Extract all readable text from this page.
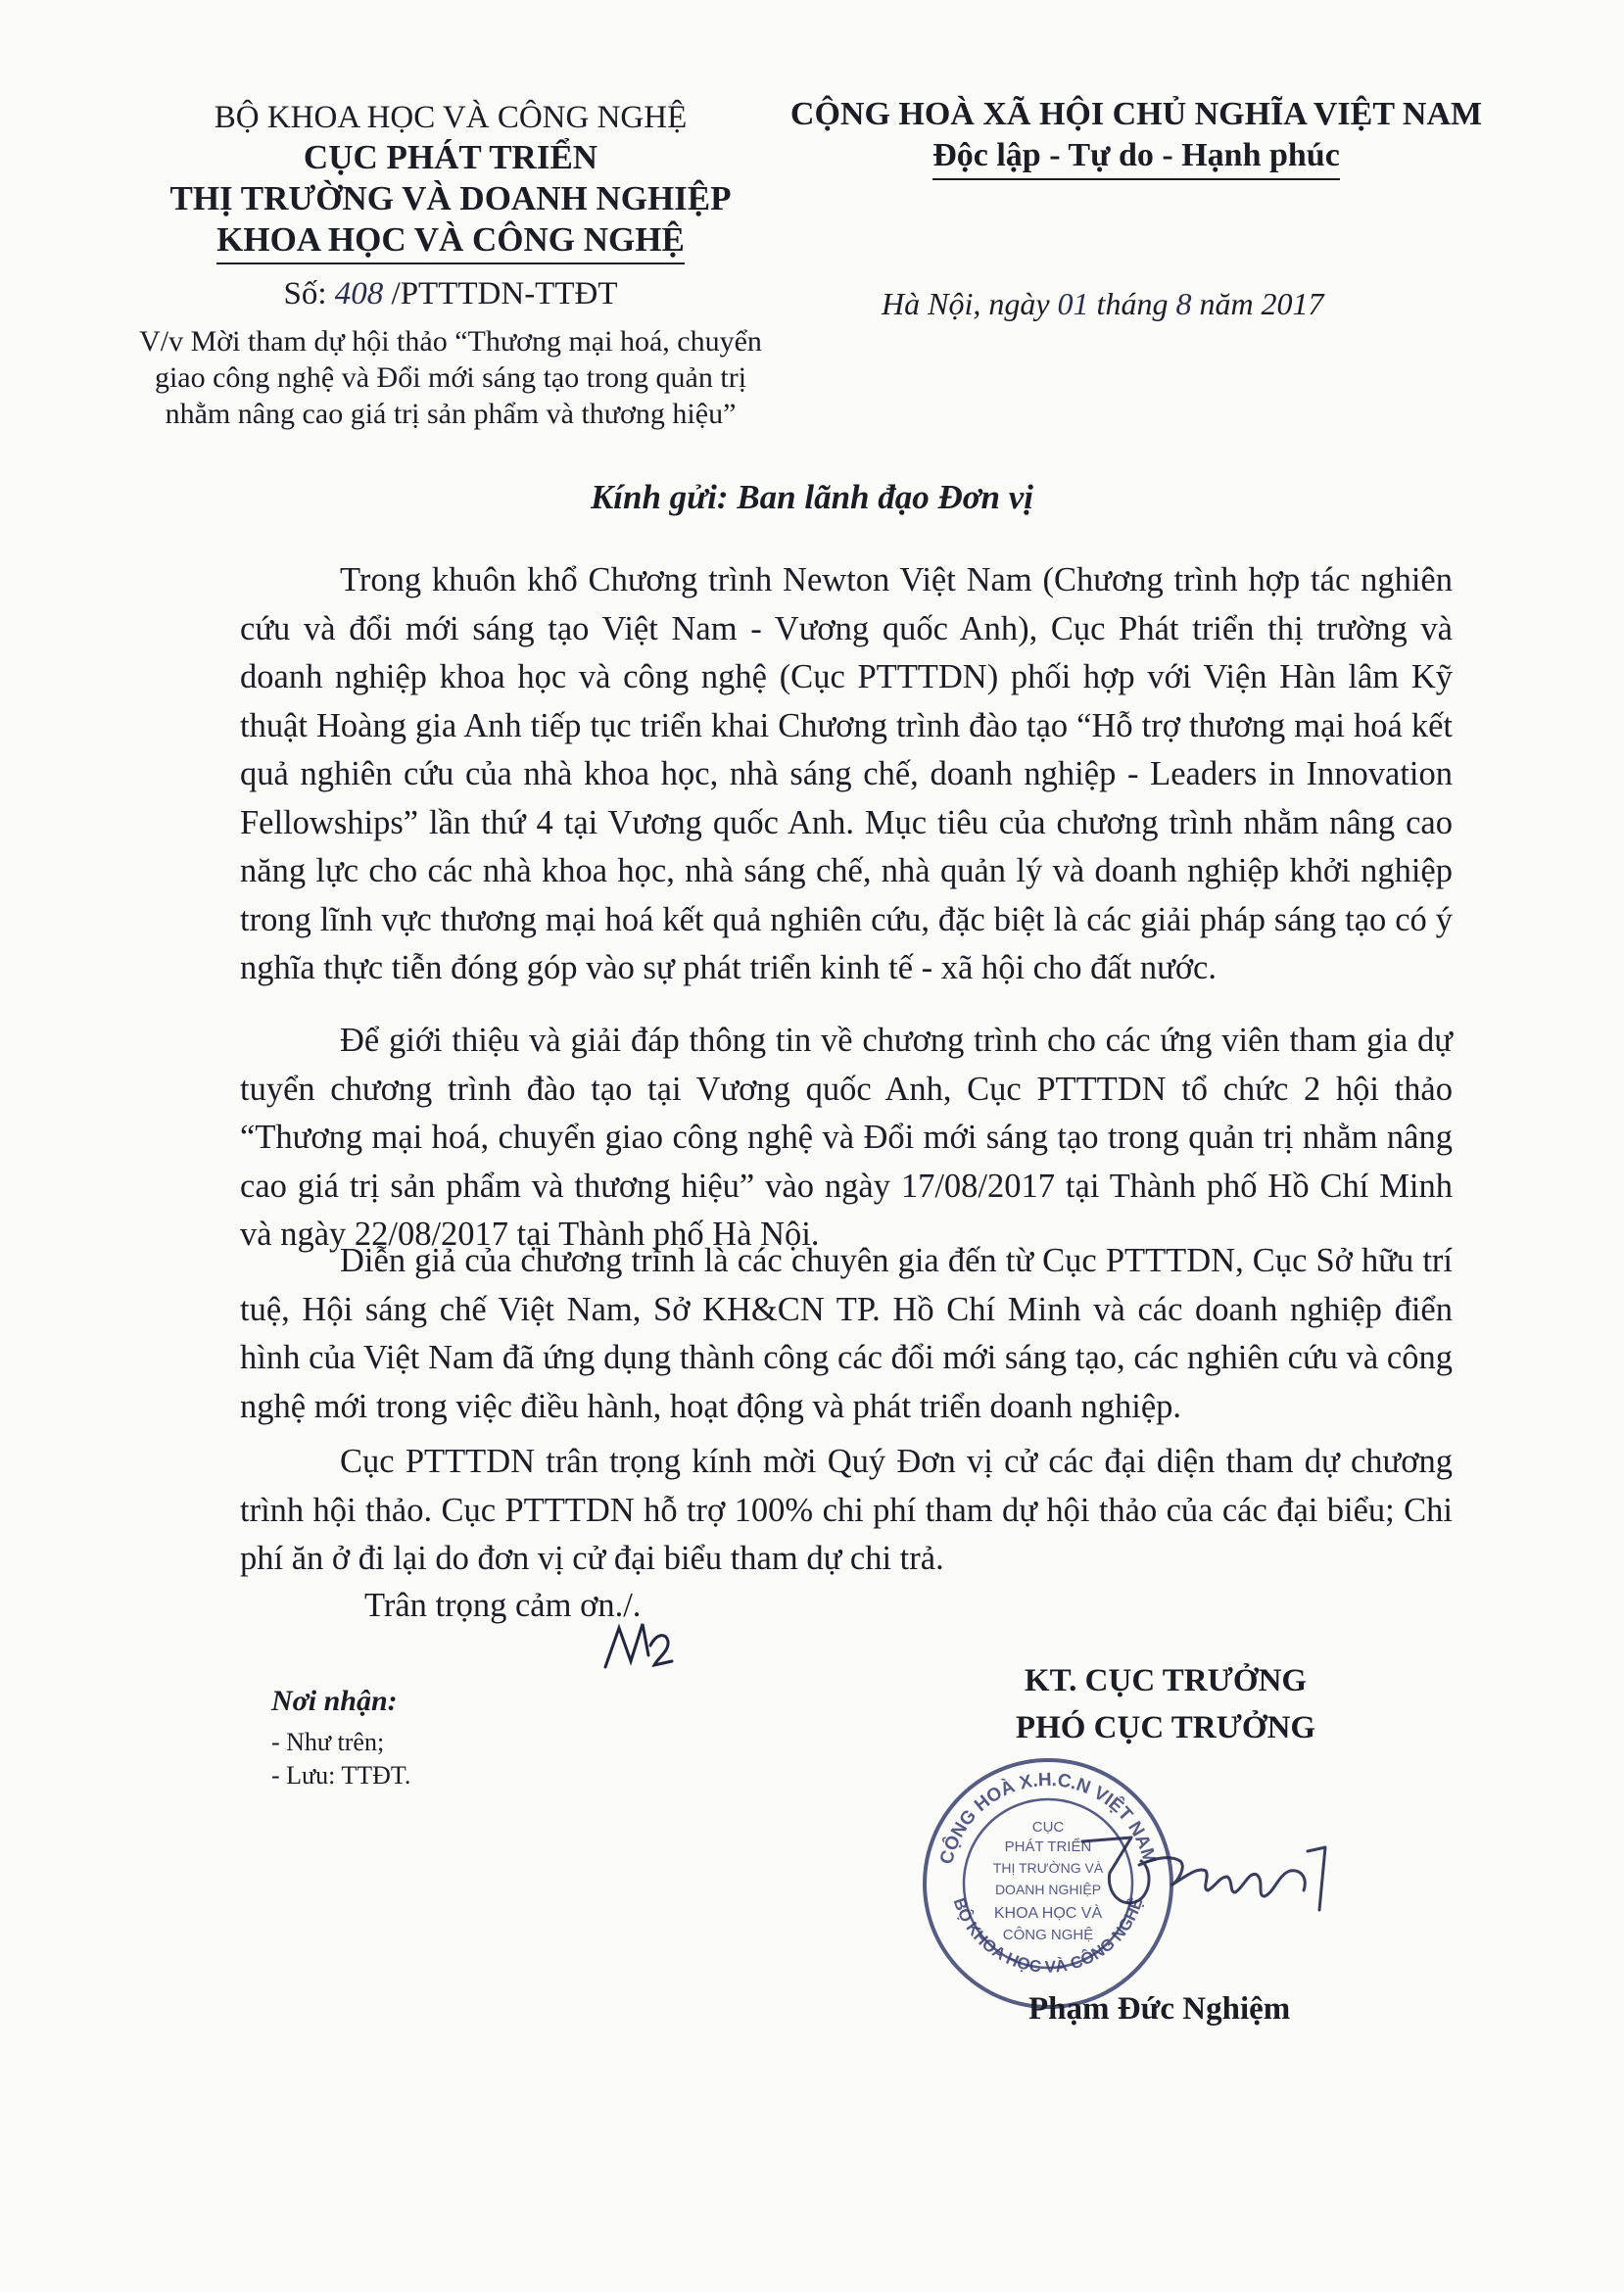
BỘ KHOA HỌC VÀ CÔNG NGHỆ
CỤC PHÁT TRIỂN
THỊ TRƯỜNG VÀ DOANH NGHIỆP
KHOA HỌC VÀ CÔNG NGHỆ
Số: 408 /PTTTDN-TTĐT
V/v Mời tham dự hội thảo “Thương mại hoá, chuyển
giao công nghệ và Đổi mới sáng tạo trong quản trị
nhằm nâng cao giá trị sản phẩm và thương hiệu”
CỘNG HOÀ XÃ HỘI CHỦ NGHĨA VIỆT NAM
Độc lập - Tự do - Hạnh phúc
Hà Nội, ngày 01 tháng 8 năm 2017
Kính gửi: Ban lãnh đạo Đơn vị
Trong khuôn khổ Chương trình Newton Việt Nam (Chương trình hợp tác nghiên cứu và đổi mới sáng tạo Việt Nam - Vương quốc Anh), Cục Phát triển thị trường và doanh nghiệp khoa học và công nghệ (Cục PTTTDN) phối hợp với Viện Hàn lâm Kỹ thuật Hoàng gia Anh tiếp tục triển khai Chương trình đào tạo “Hỗ trợ thương mại hoá kết quả nghiên cứu của nhà khoa học, nhà sáng chế, doanh nghiệp - Leaders in Innovation Fellowships” lần thứ 4 tại Vương quốc Anh. Mục tiêu của chương trình nhằm nâng cao năng lực cho các nhà khoa học, nhà sáng chế, nhà quản lý và doanh nghiệp khởi nghiệp trong lĩnh vực thương mại hoá kết quả nghiên cứu, đặc biệt là các giải pháp sáng tạo có ý nghĩa thực tiễn đóng góp vào sự phát triển kinh tế - xã hội cho đất nước.
Để giới thiệu và giải đáp thông tin về chương trình cho các ứng viên tham gia dự tuyển chương trình đào tạo tại Vương quốc Anh, Cục PTTTDN tổ chức 2 hội thảo “Thương mại hoá, chuyển giao công nghệ và Đổi mới sáng tạo trong quản trị nhằm nâng cao giá trị sản phẩm và thương hiệu” vào ngày 17/08/2017 tại Thành phố Hồ Chí Minh và ngày 22/08/2017 tại Thành phố Hà Nội.
Diễn giả của chương trình là các chuyên gia đến từ Cục PTTTDN, Cục Sở hữu trí tuệ, Hội sáng chế Việt Nam, Sở KH&CN TP. Hồ Chí Minh và các doanh nghiệp điển hình của Việt Nam đã ứng dụng thành công các đổi mới sáng tạo, các nghiên cứu và công nghệ mới trong việc điều hành, hoạt động và phát triển doanh nghiệp.
Cục PTTTDN trân trọng kính mời Quý Đơn vị cử các đại diện tham dự chương trình hội thảo. Cục PTTTDN hỗ trợ 100% chi phí tham dự hội thảo của các đại biểu; Chi phí ăn ở đi lại do đơn vị cử đại biểu tham dự chi trả.
Trân trọng cảm ơn./.
Nơi nhận:
- Như trên;
- Lưu: TTĐT.
KT. CỤC TRƯỞNG
PHÓ CỤC TRƯỞNG
CỘNG HOÀ X.H.C.N VIỆT NAM
BỘ KHOA HỌC VÀ CÔNG NGHỆ
CỤC
PHÁT TRIỂN
THỊ TRƯỜNG VÀ
DOANH NGHIỆP
KHOA HỌC VÀ
CÔNG NGHỆ
Phạm Đức Nghiệm
